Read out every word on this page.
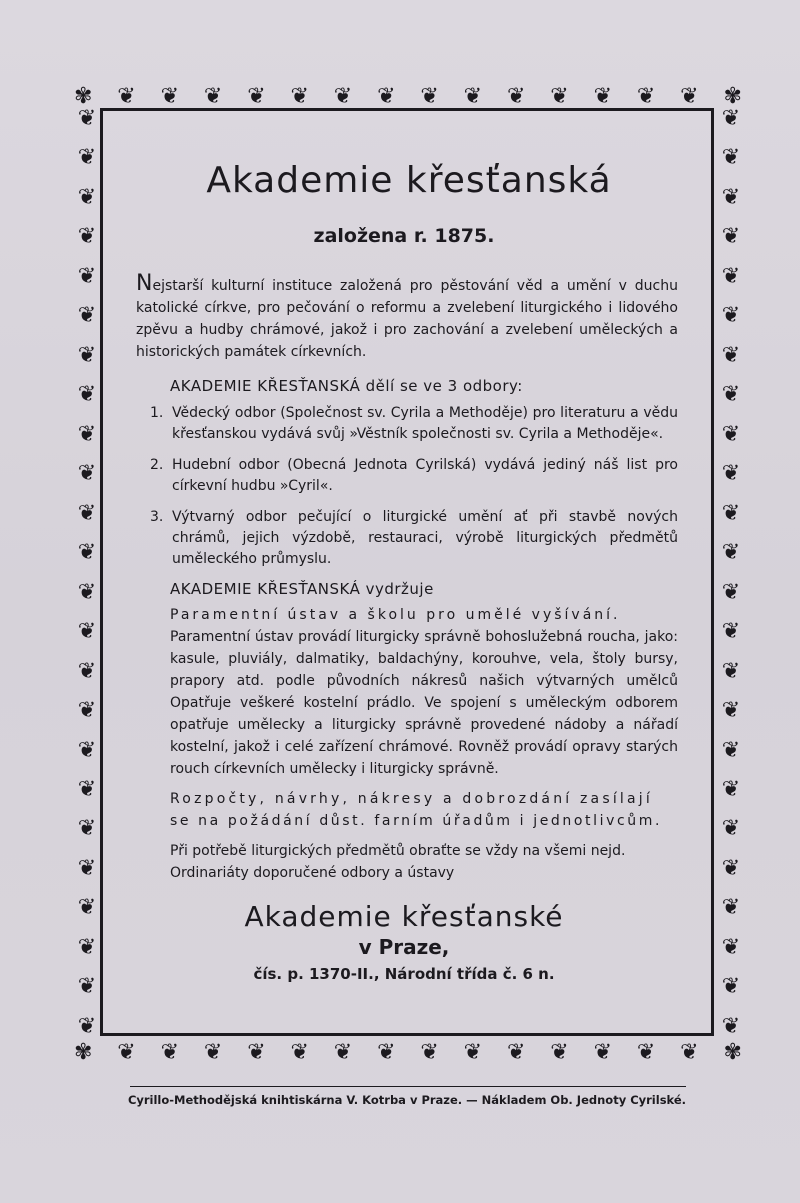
✾ ❦ ❦ ❦ ❦ ❦ ❦ ❦ ❦ ❦ ❦ ❦ ❦ ❦ ❦ ✾
✾ ❦ ❦ ❦ ❦ ❦ ❦ ❦ ❦ ❦ ❦ ❦ ❦ ❦ ❦ ✾
❦
❦
❦
❦
❦
❦
❦
❦
❦
❦
❦
❦
❦
❦
❦
❦
❦
❦
❦
❦
❦
❦
❦
❦
❦
❦
❦
❦
❦
❦
❦
❦
❦
❦
❦
❦
❦
❦
❦
❦
❦
❦
❦
❦
❦
❦
❦
❦
Akademie křesťanská

založena r. 1875.

Nejstarší kulturní instituce založená pro pěstování věd a umění v duchu katolické církve, pro pečování o reformu a zvelebení liturgického i lidového zpěvu a hudby chrámové, jakož i pro zachování a zvelebení uměleckých a historických památek církevních.

AKADEMIE KŘESŤANSKÁ dělí se ve 3 odbory:

1. Vědecký odbor (Společnost sv. Cyrila a Methoděje) pro literaturu a vědu křesťanskou vydává svůj »Věstník společnosti sv. Cyrila a Methoděje«.
2. Hudební odbor (Obecná Jednota Cyrilská) vydává jediný náš list pro církevní hudbu »Cyril«.
3. Výtvarný odbor pečující o liturgické umění ať při stavbě nových chrámů, jejich výzdobě, restauraci, výrobě liturgických předmětů uměleckého průmyslu.

AKADEMIE KŘESŤANSKÁ vydržuje

Paramentní ústav a školu pro umělé vyšívání.

Paramentní ústav provádí liturgicky správně bohoslužebná roucha, jako: kasule, pluviály, dalmatiky, baldachýny, korouhve, vela, štoly bursy, prapory atd. podle původních nákresů našich výtvarných umělců Opatřuje veškeré kostelní prádlo. Ve spojení s uměleckým odborem opatřuje umělecky a liturgicky správně provedené nádoby a nářadí kostelní, jakož i celé zařízení chrámové. Rovněž provádí opravy starých rouch církevních umělecky i liturgicky správně.

Rozpočty, návrhy, nákresy a dobrozdání zasílají

se na požádání důst. farním úřadům i jednotlivcům.

Při potřebě liturgických předmětů obraťte se vždy na všemi nejd. Ordinariáty doporučené odbory a ústavy

Akademie křesťanské

v Praze,

čís. p. 1370-II., Národní třída č. 6 n.

Cyrillo-Methodějská knihtiskárna V. Kotrba v Praze. — Nákladem Ob. Jednoty Cyrilské.
